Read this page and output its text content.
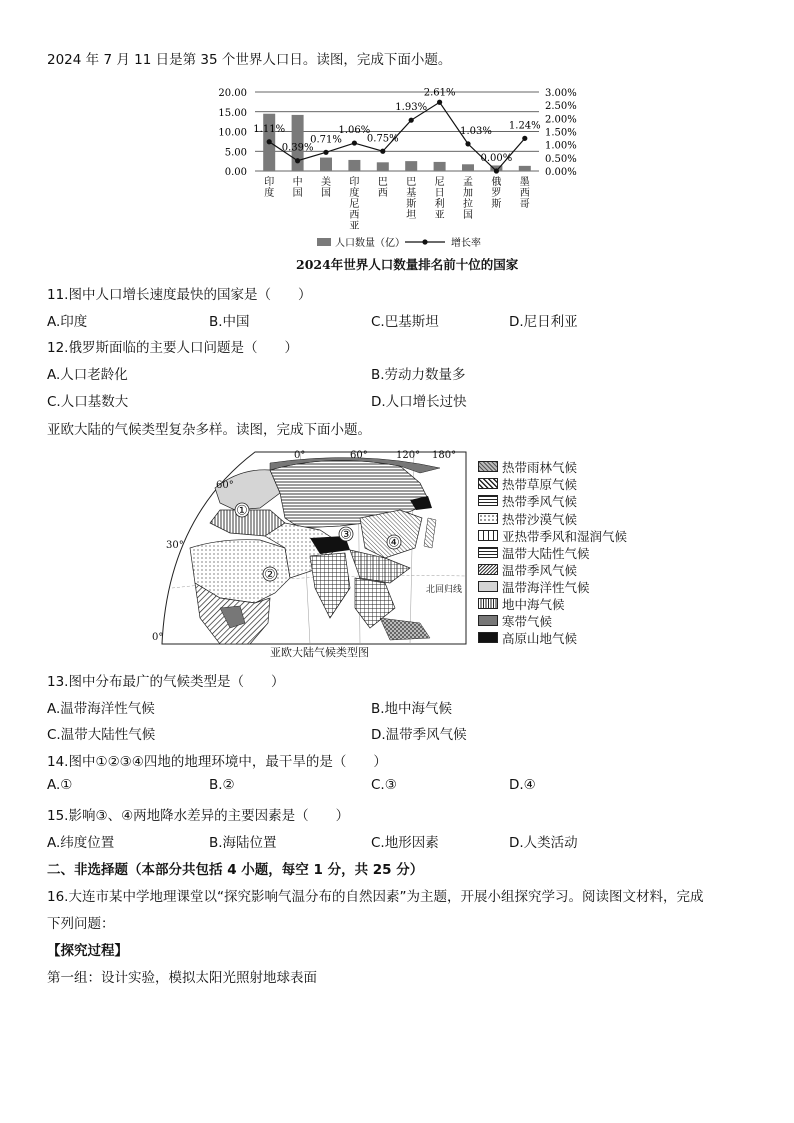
2024 年 7 月 11 日是第 35 个世界人口日。读图，完成下面小题。
1.11%
0.39%
0.71%
1.06%
0.75%
1.93%
2.61%
1.03%
0.00%
1.24%
20.00
15.00
10.00
5.00
0.00
3.00%
2.50%
2.00%
1.50%
1.00%
0.50%
0.00%
印
度
中
国
美
国
印
度
尼
西
亚
巴
西
巴
基
斯
坦
尼
日
利
亚
孟
加
拉
国
俄
罗
斯
墨
西
哥
人口数量（亿）	增长率
2024年世界人口数量排名前十位的国家
11.图中人口增长速度最快的国家是（　　）
A.印度	B.中国	C.巴基斯坦	D.尼日利亚
12.俄罗斯面临的主要人口问题是（　　）
A.人口老龄化	B.劳动力数量多
C.人口基数大	D.人口增长过快
亚欧大陆的气候类型复杂多样。读图，完成下面小题。
①
②
③
④
0°	60°	120° 180°
60°
30°
0°
北回归线
亚欧大陆气候类型图
热带雨林气候
热带草原气候
热带季风气候
热带沙漠气候
亚热带季风和湿润气候
温带大陆性气候
温带季风气候
温带海洋性气候
地中海气候
寒带气候
高原山地气候
13.图中分布最广的气候类型是（　　）
A.温带海洋性气候	B.地中海气候
C.温带大陆性气候	D.温带季风气候
14.图中①②③④四地的地理环境中，最干旱的是（　　）
A.①	B.②	C.③	D.④
15.影响③、④两地降水差异的主要因素是（　　）
A.纬度位置	B.海陆位置	C.地形因素	D.人类活动
二、非选择题（本部分共包括 4 小题，每空 1 分，共 25 分）
16.大连市某中学地理课堂以“探究影响气温分布的自然因素”为主题，开展小组探究学习。阅读图文材料，完成
下列问题：
【探究过程】
第一组：设计实验，模拟太阳光照射地球表面
